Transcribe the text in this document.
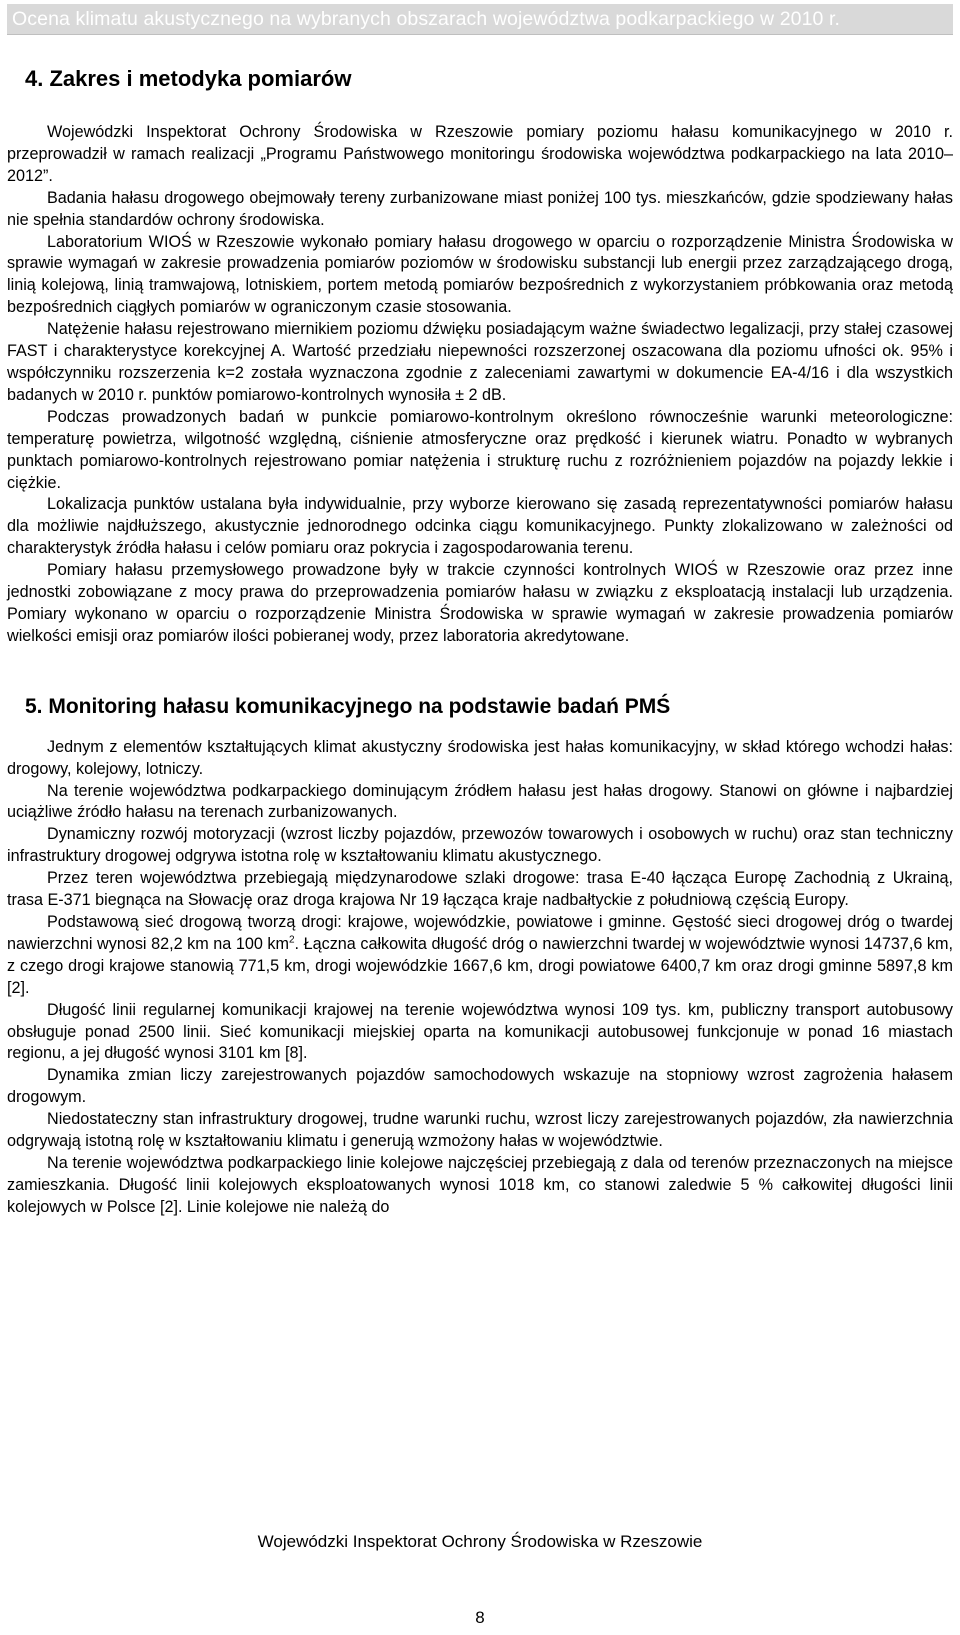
Ocena klimatu akustycznego na wybranych obszarach województwa podkarpackiego w 2010 r.
4. Zakres i metodyka pomiarów

Wojewódzki Inspektorat Ochrony Środowiska w Rzeszowie pomiary poziomu hałasu komunikacyjnego w 2010 r. przeprowadził w ramach realizacji „Programu Państwowego monitoringu środowiska województwa podkarpackiego na lata 2010–2012”.

Badania hałasu drogowego obejmowały tereny zurbanizowane miast poniżej 100 tys. mieszkańców, gdzie spodziewany hałas nie spełnia standardów ochrony środowiska.

Laboratorium WIOŚ w Rzeszowie wykonało pomiary hałasu drogowego w oparciu o rozporządzenie Ministra Środowiska w sprawie wymagań w zakresie prowadzenia pomiarów poziomów w środowisku substancji lub energii przez zarządzającego drogą, linią kolejową, linią tramwajową, lotniskiem, portem metodą pomiarów bezpośrednich z wykorzystaniem próbkowania oraz metodą bezpośrednich ciągłych pomiarów w ograniczonym czasie stosowania.

Natężenie hałasu rejestrowano miernikiem poziomu dźwięku posiadającym ważne świadectwo legalizacji, przy stałej czasowej FAST i charakterystyce korekcyjnej A. Wartość przedziału niepewności rozszerzonej oszacowana dla poziomu ufności ok. 95% i współczynniku rozszerzenia k=2 została wyznaczona zgodnie z zaleceniami zawartymi w dokumencie EA-4/16 i dla wszystkich badanych w 2010 r. punktów pomiarowo-kontrolnych wynosiła ± 2 dB.

Podczas prowadzonych badań w punkcie pomiarowo-kontrolnym określono równocześnie warunki meteorologiczne: temperaturę powietrza, wilgotność względną, ciśnienie atmosferyczne oraz prędkość i kierunek wiatru. Ponadto w wybranych punktach pomiarowo-kontrolnych rejestrowano pomiar natężenia i strukturę ruchu z rozróżnieniem pojazdów na pojazdy lekkie i ciężkie.

Lokalizacja punktów ustalana była indywidualnie, przy wyborze kierowano się zasadą reprezentatywności pomiarów hałasu dla możliwie najdłuższego, akustycznie jednorodnego odcinka ciągu komunikacyjnego. Punkty zlokalizowano w zależności od charakterystyk źródła hałasu i celów pomiaru oraz pokrycia i zagospodarowania terenu.

Pomiary hałasu przemysłowego prowadzone były w trakcie czynności kontrolnych WIOŚ w Rzeszowie oraz przez inne jednostki zobowiązane z mocy prawa do przeprowadzenia pomiarów hałasu w związku z eksploatacją instalacji lub urządzenia. Pomiary wykonano w oparciu o rozporządzenie Ministra Środowiska w sprawie wymagań w zakresie prowadzenia pomiarów wielkości emisji oraz pomiarów ilości pobieranej wody, przez laboratoria akredytowane.

5. Monitoring hałasu komunikacyjnego na podstawie badań PMŚ

Jednym z elementów kształtujących klimat akustyczny środowiska jest hałas komunikacyjny, w skład którego wchodzi hałas: drogowy, kolejowy, lotniczy.

Na terenie województwa podkarpackiego dominującym źródłem hałasu jest hałas drogowy. Stanowi on główne i najbardziej uciążliwe źródło hałasu na terenach zurbanizowanych.

Dynamiczny rozwój motoryzacji (wzrost liczby pojazdów, przewozów towarowych i osobowych w ruchu) oraz stan techniczny infrastruktury drogowej odgrywa istotna rolę w kształtowaniu klimatu akustycznego.

Przez teren województwa przebiegają międzynarodowe szlaki drogowe: trasa E-40 łącząca Europę Zachodnią z Ukrainą, trasa E-371 biegnąca na Słowację oraz droga krajowa Nr 19 łącząca kraje nadbałtyckie z południową częścią Europy.

Podstawową sieć drogową tworzą drogi: krajowe, wojewódzkie, powiatowe i gminne. Gęstość sieci drogowej dróg o twardej nawierzchni wynosi 82,2 km na 100 $km^2$. Łączna całkowita długość dróg o nawierzchni twardej w województwie wynosi 14737,6 km, z czego drogi krajowe stanowią 771,5 km, drogi wojewódzkie 1667,6 km, drogi powiatowe 6400,7 km oraz drogi gminne 5897,8 km [2].

Długość linii regularnej komunikacji krajowej na terenie województwa wynosi 109 tys. km, publiczny transport autobusowy obsługuje ponad 2500 linii. Sieć komunikacji miejskiej oparta na komunikacji autobusowej funkcjonuje w ponad 16 miastach regionu, a jej długość wynosi 3101 km [8].

Dynamika zmian liczy zarejestrowanych pojazdów samochodowych wskazuje na stopniowy wzrost zagrożenia hałasem drogowym.

Niedostateczny stan infrastruktury drogowej, trudne warunki ruchu, wzrost liczy zarejestrowanych pojazdów, zła nawierzchnia odgrywają istotną rolę w kształtowaniu klimatu i generują wzmożony hałas w województwie.

Na terenie województwa podkarpackiego linie kolejowe najczęściej przebiegają z dala od terenów przeznaczonych na miejsce zamieszkania. Długość linii kolejowych eksploatowanych wynosi 1018 km, co stanowi zaledwie 5 % całkowitej długości linii kolejowych w Polsce [2]. Linie kolejowe nie należą do

Wojewódzki Inspektorat Ochrony Środowiska w Rzeszowie
8
